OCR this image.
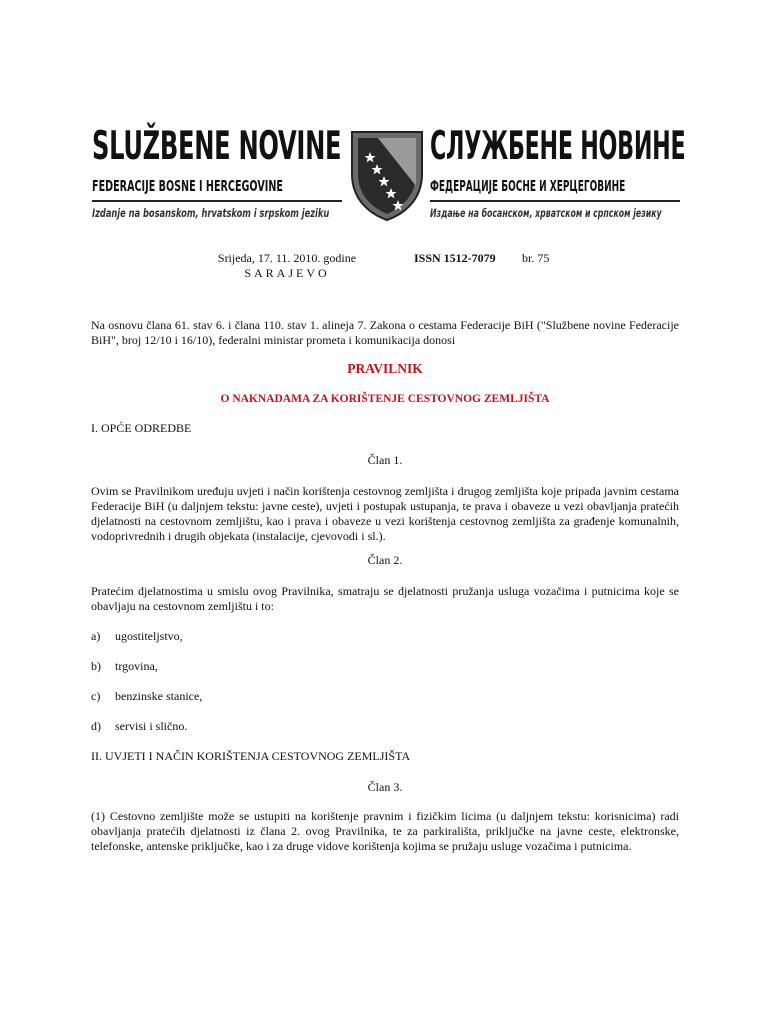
SLUŽBENE NOVINE
FEDERACIJE BOSNE I HERCEGOVINE
Izdanje na bosanskom, hrvatskom i srpskom jeziku
СЛУЖБЕНЕ НОВИНЕ
ФЕДЕРАЦИЈЕ БОСНЕ И ХЕРЦЕГОВИНЕ
Издање на босанском, хрватском и српском језику
Srijeda, 17. 11. 2010. godine
SARAJEVO
ISSN 1512-7079 br. 75
Na osnovu člana 61. stav 6. i člana 110. stav 1. alineja 7. Zakona o cestama Federacije BiH ("Službene novine Federacije BiH", broj 12/10 i 16/10), federalni ministar prometa i komunikacija donosi
PRAVILNIK
O NAKNADAMA ZA KORIŠTENJE CESTOVNOG ZEMLJIŠTA
I. OPĆE ODREDBE
Član 1.
Ovim se Pravilnikom uređuju uvjeti i način korištenja cestovnog zemljišta i drugog zemljišta koje pripada javnim cestama Federacije BiH (u daljnjem tekstu: javne ceste), uvjeti i postupak ustupanja, te prava i obaveze u vezi obavljanja pratećih djelatnosti na cestovnom zemljištu, kao i prava i obaveze u vezi korištenja cestovnog zemljišta za građenje komunalnih, vodoprivrednih i drugih objekata (instalacije, cjevovodi i sl.).
Član 2.
Pratećim djelatnostima u smislu ovog Pravilnika, smatraju se djelatnosti pružanja usluga vozačima i putnicima koje se obavljaju na cestovnom zemljištu i to:
a) ugostiteljstvo,
b) trgovina,
c) benzinske stanice,
d) servisi i slično.
II. UVJETI I NAČIN KORIŠTENJA CESTOVNOG ZEMLJIŠTA
Član 3.
(1) Cestovno zemljište može se ustupiti na korištenje pravnim i fizičkim licima (u daljnjem tekstu: korisnicima) radi obavljanja pratećih djelatnosti iz člana 2. ovog Pravilnika, te za parkirališta, priključke na javne ceste, elektronske, telefonske, antenske priključke, kao i za druge vidove korištenja kojima se pružaju usluge vozačima i putnicima.
